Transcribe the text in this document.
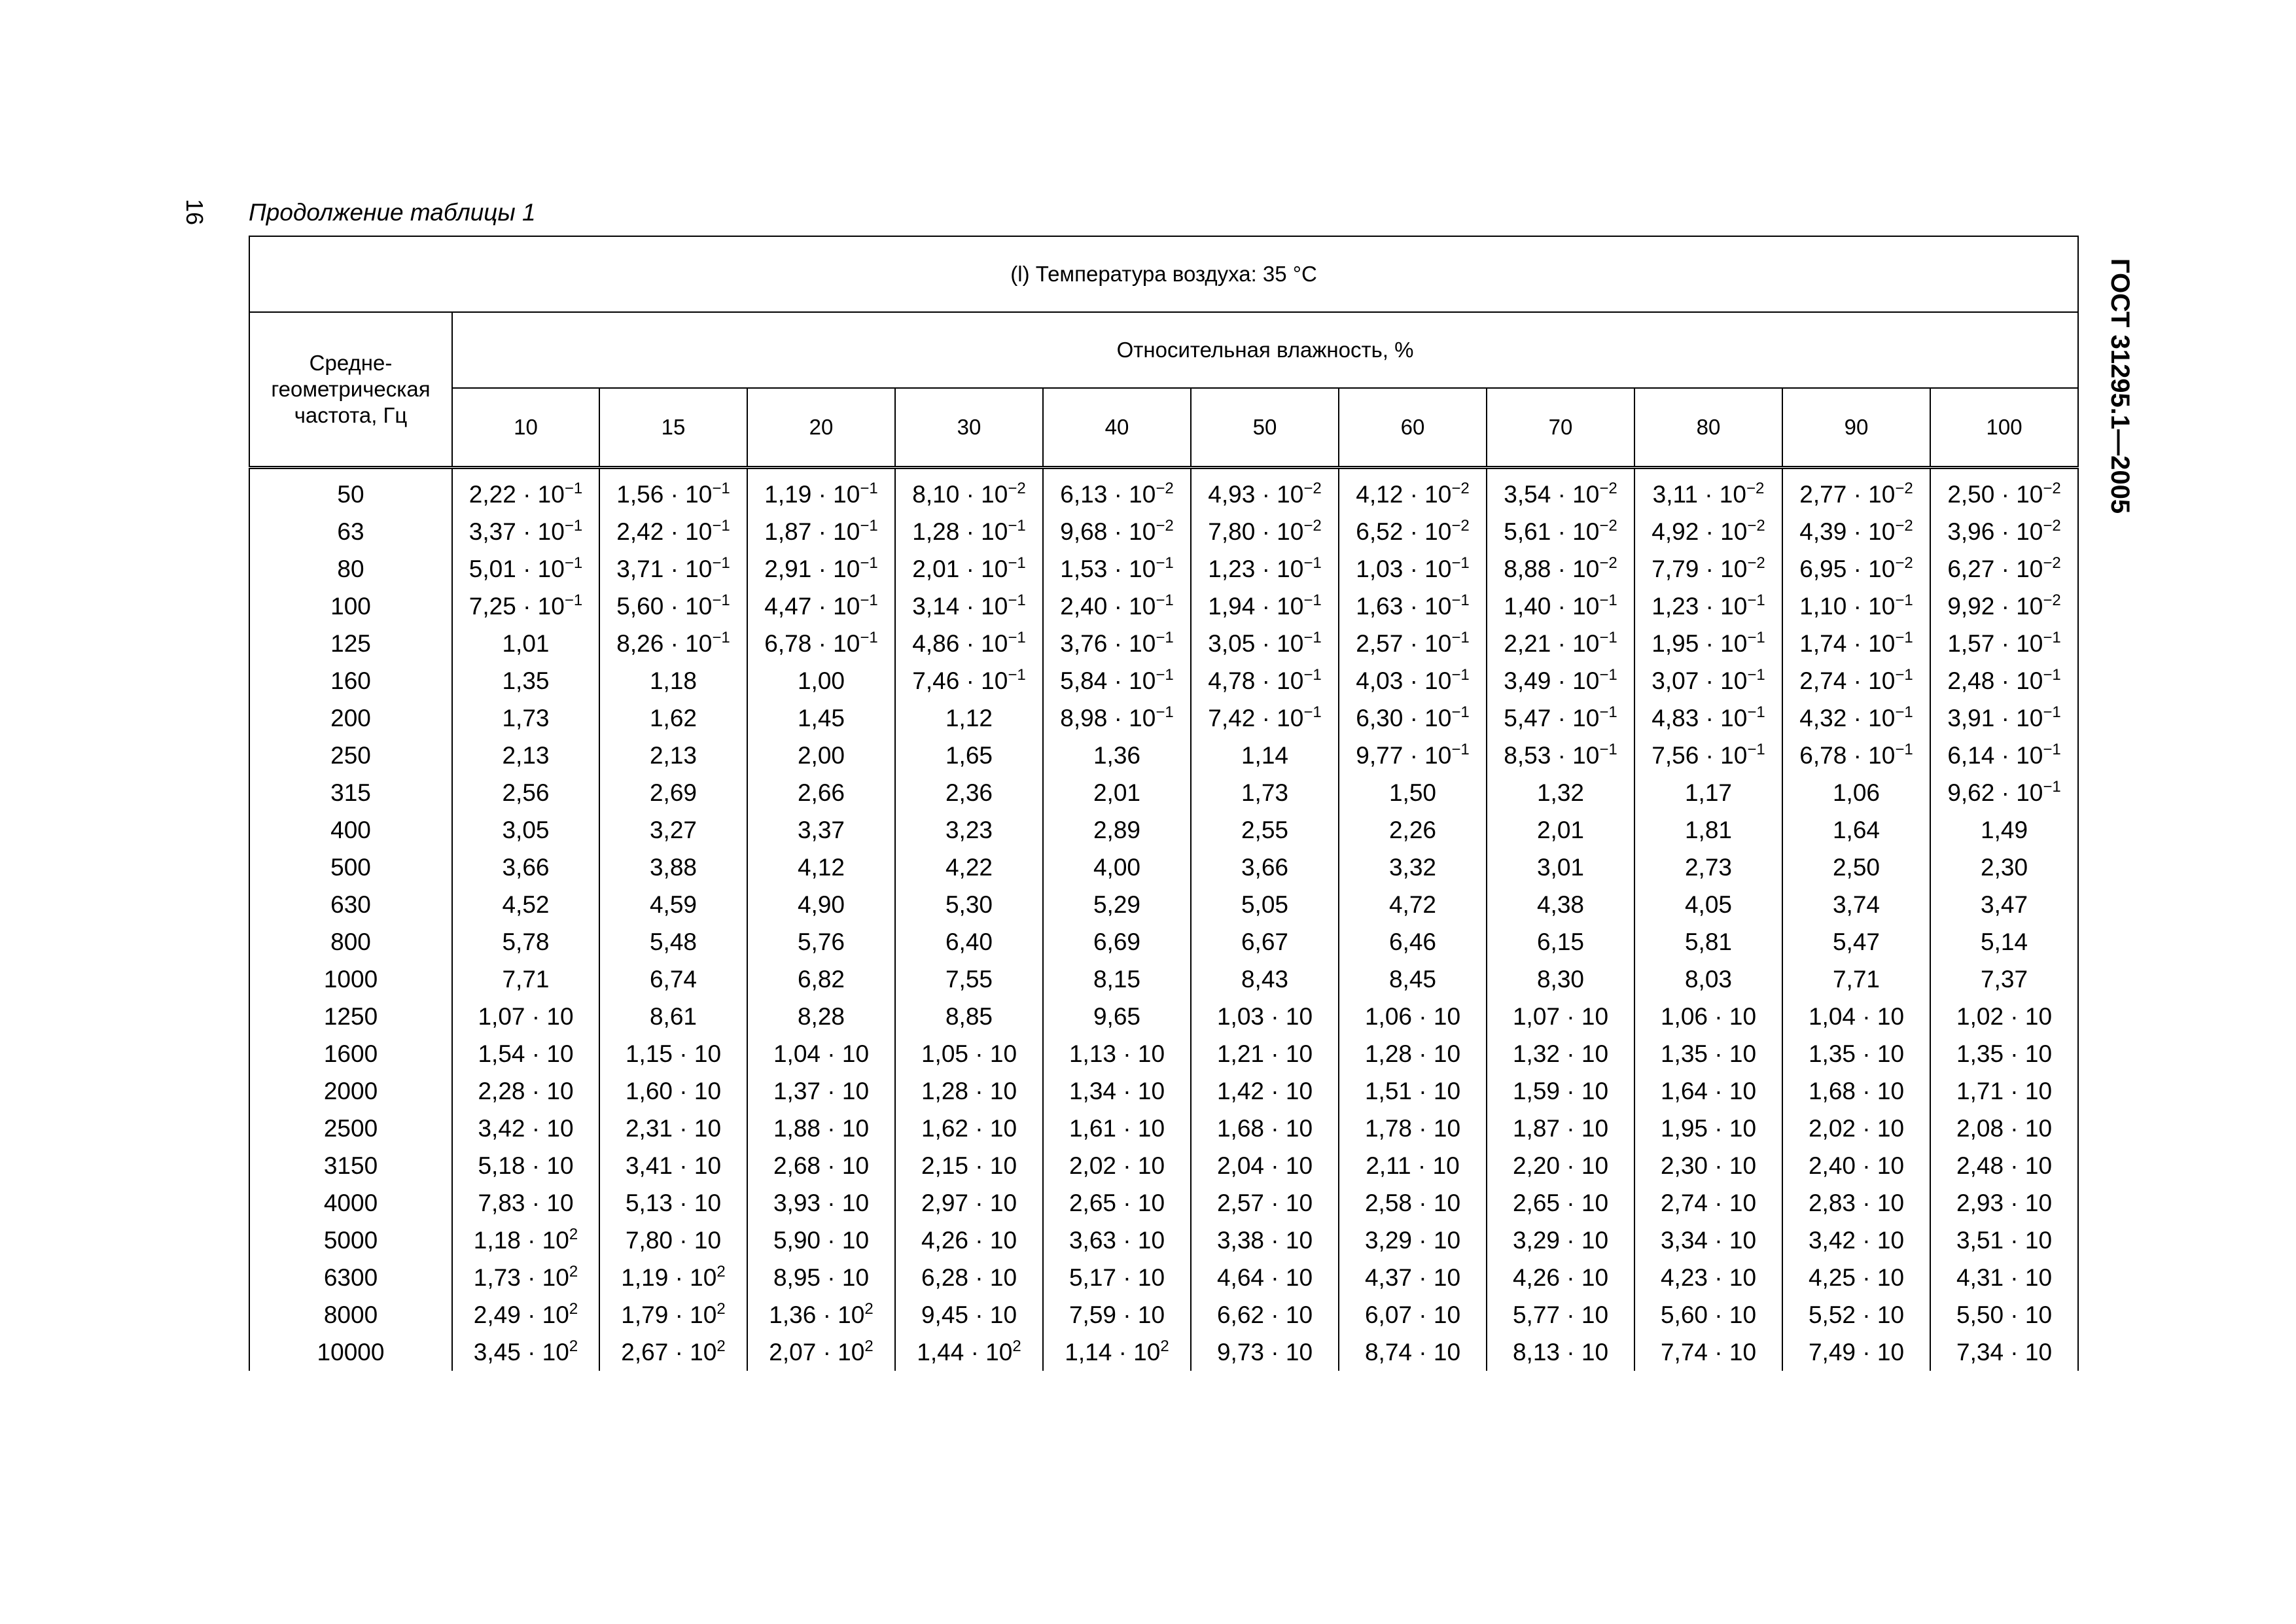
16
ГОСТ 31295.1—2005
Продолжение таблицы 1
(l) Температура воздуха: 35 °С											
Средне- геометрическая частота, Гц	Относительная влажность, %										
	10	15	20	30	40	50	60	70	80	90	100

50	$2,22 \cdot 10^{-1}$	$1,56 \cdot 10^{-1}$	$1,19 \cdot 10^{-1}$	$8,10 \cdot 10^{-2}$	$6,13 \cdot 10^{-2}$	$4,93 \cdot 10^{-2}$	$4,12 \cdot 10^{-2}$	$3,54 \cdot 10^{-2}$	$3,11 \cdot 10^{-2}$	$2,77 \cdot 10^{-2}$	$2,50 \cdot 10^{-2}$
63	$3,37 \cdot 10^{-1}$	$2,42 \cdot 10^{-1}$	$1,87 \cdot 10^{-1}$	$1,28 \cdot 10^{-1}$	$9,68 \cdot 10^{-2}$	$7,80 \cdot 10^{-2}$	$6,52 \cdot 10^{-2}$	$5,61 \cdot 10^{-2}$	$4,92 \cdot 10^{-2}$	$4,39 \cdot 10^{-2}$	$3,96 \cdot 10^{-2}$
80	$5,01 \cdot 10^{-1}$	$3,71 \cdot 10^{-1}$	$2,91 \cdot 10^{-1}$	$2,01 \cdot 10^{-1}$	$1,53 \cdot 10^{-1}$	$1,23 \cdot 10^{-1}$	$1,03 \cdot 10^{-1}$	$8,88 \cdot 10^{-2}$	$7,79 \cdot 10^{-2}$	$6,95 \cdot 10^{-2}$	$6,27 \cdot 10^{-2}$
100	$7,25 \cdot 10^{-1}$	$5,60 \cdot 10^{-1}$	$4,47 \cdot 10^{-1}$	$3,14 \cdot 10^{-1}$	$2,40 \cdot 10^{-1}$	$1,94 \cdot 10^{-1}$	$1,63 \cdot 10^{-1}$	$1,40 \cdot 10^{-1}$	$1,23 \cdot 10^{-1}$	$1,10 \cdot 10^{-1}$	$9,92 \cdot 10^{-2}$
125	1,01	$8,26 \cdot 10^{-1}$	$6,78 \cdot 10^{-1}$	$4,86 \cdot 10^{-1}$	$3,76 \cdot 10^{-1}$	$3,05 \cdot 10^{-1}$	$2,57 \cdot 10^{-1}$	$2,21 \cdot 10^{-1}$	$1,95 \cdot 10^{-1}$	$1,74 \cdot 10^{-1}$	$1,57 \cdot 10^{-1}$
160	1,35	1,18	1,00	$7,46 \cdot 10^{-1}$	$5,84 \cdot 10^{-1}$	$4,78 \cdot 10^{-1}$	$4,03 \cdot 10^{-1}$	$3,49 \cdot 10^{-1}$	$3,07 \cdot 10^{-1}$	$2,74 \cdot 10^{-1}$	$2,48 \cdot 10^{-1}$
200	1,73	1,62	1,45	1,12	$8,98 \cdot 10^{-1}$	$7,42 \cdot 10^{-1}$	$6,30 \cdot 10^{-1}$	$5,47 \cdot 10^{-1}$	$4,83 \cdot 10^{-1}$	$4,32 \cdot 10^{-1}$	$3,91 \cdot 10^{-1}$
250	2,13	2,13	2,00	1,65	1,36	1,14	$9,77 \cdot 10^{-1}$	$8,53 \cdot 10^{-1}$	$7,56 \cdot 10^{-1}$	$6,78 \cdot 10^{-1}$	$6,14 \cdot 10^{-1}$
315	2,56	2,69	2,66	2,36	2,01	1,73	1,50	1,32	1,17	1,06	$9,62 \cdot 10^{-1}$
400	3,05	3,27	3,37	3,23	2,89	2,55	2,26	2,01	1,81	1,64	1,49
500	3,66	3,88	4,12	4,22	4,00	3,66	3,32	3,01	2,73	2,50	2,30
630	4,52	4,59	4,90	5,30	5,29	5,05	4,72	4,38	4,05	3,74	3,47
800	5,78	5,48	5,76	6,40	6,69	6,67	6,46	6,15	5,81	5,47	5,14
1000	7,71	6,74	6,82	7,55	8,15	8,43	8,45	8,30	8,03	7,71	7,37
1250	1,07 · 10	8,61	8,28	8,85	9,65	1,03 · 10	1,06 · 10	1,07 · 10	1,06 · 10	1,04 · 10	1,02 · 10
1600	1,54 · 10	1,15 · 10	1,04 · 10	1,05 · 10	1,13 · 10	1,21 · 10	1,28 · 10	1,32 · 10	1,35 · 10	1,35 · 10	1,35 · 10
2000	2,28 · 10	1,60 · 10	1,37 · 10	1,28 · 10	1,34 · 10	1,42 · 10	1,51 · 10	1,59 · 10	1,64 · 10	1,68 · 10	1,71 · 10
2500	3,42 · 10	2,31 · 10	1,88 · 10	1,62 · 10	1,61 · 10	1,68 · 10	1,78 · 10	1,87 · 10	1,95 · 10	2,02 · 10	2,08 · 10
3150	5,18 · 10	3,41 · 10	2,68 · 10	2,15 · 10	2,02 · 10	2,04 · 10	2,11 · 10	2,20 · 10	2,30 · 10	2,40 · 10	2,48 · 10
4000	7,83 · 10	5,13 · 10	3,93 · 10	2,97 · 10	2,65 · 10	2,57 · 10	2,58 · 10	2,65 · 10	2,74 · 10	2,83 · 10	2,93 · 10
5000	$1,18 \cdot 10^2$	7,80 · 10	5,90 · 10	4,26 · 10	3,63 · 10	3,38 · 10	3,29 · 10	3,29 · 10	3,34 · 10	3,42 · 10	3,51 · 10
6300	$1,73 \cdot 10^2$	$1,19 \cdot 10^2$	8,95 · 10	6,28 · 10	5,17 · 10	4,64 · 10	4,37 · 10	4,26 · 10	4,23 · 10	4,25 · 10	4,31 · 10
8000	$2,49 \cdot 10^2$	$1,79 \cdot 10^2$	$1,36 \cdot 10^2$	9,45 · 10	7,59 · 10	6,62 · 10	6,07 · 10	5,77 · 10	5,60 · 10	5,52 · 10	5,50 · 10
10000	$3,45 \cdot 10^2$	$2,67 \cdot 10^2$	$2,07 \cdot 10^2$	$1,44 \cdot 10^2$	$1,14 \cdot 10^2$	9,73 · 10	8,74 · 10	8,13 · 10	7,74 · 10	7,49 · 10	7,34 · 10
